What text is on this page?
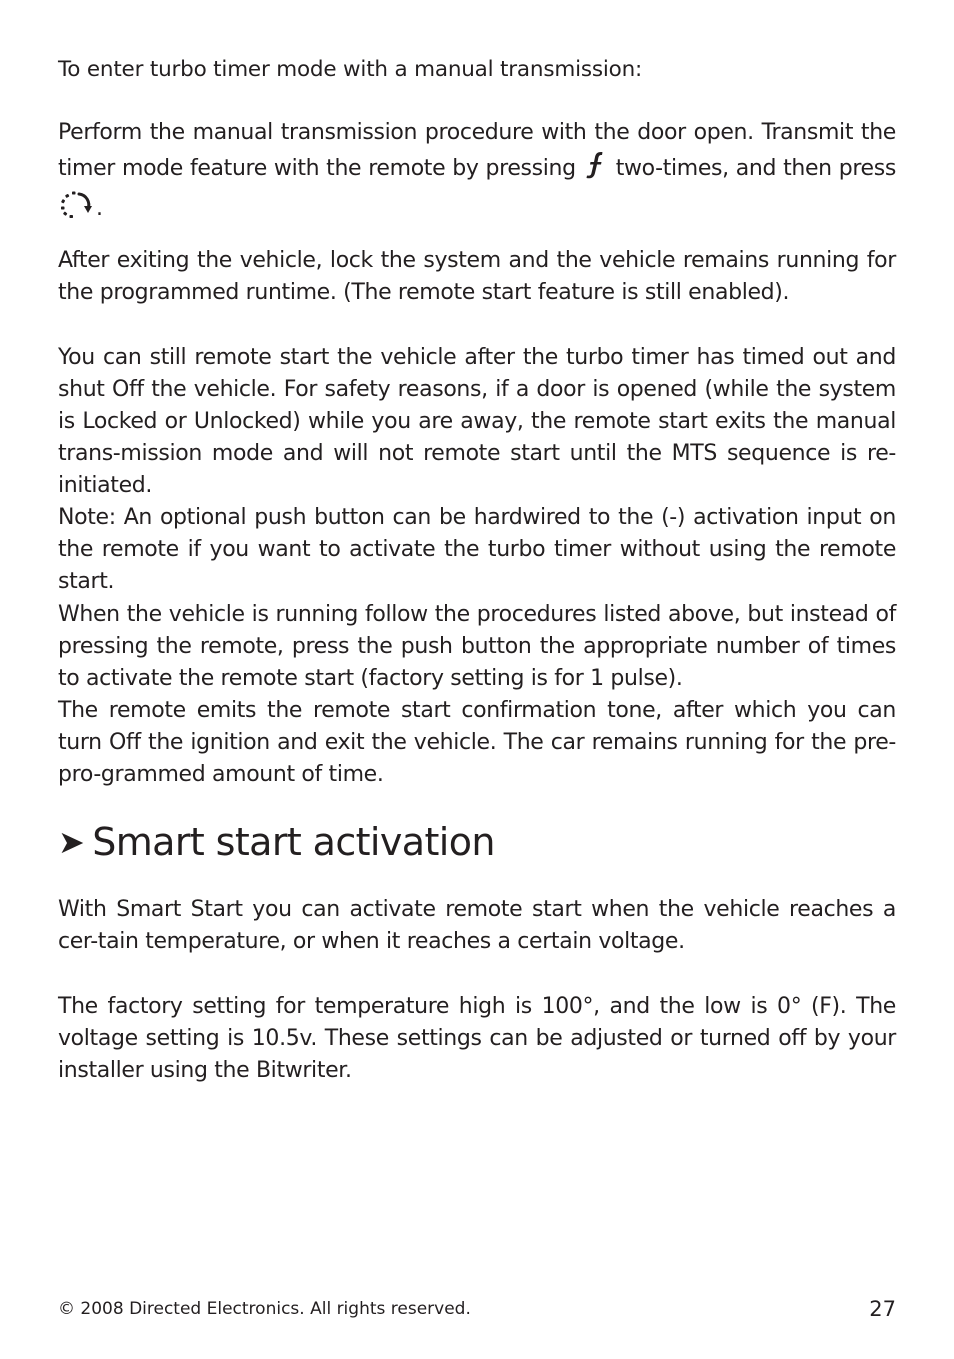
To enter turbo timer mode with a manual transmission:
Perform the manual transmission procedure with the door open. Transmit the
timer mode feature with the remote by pressing two-times, and then press
.

After exiting the vehicle, lock the system and the vehicle remains running for the programmed runtime. (The remote start feature is still enabled).

You can still remote start the vehicle after the turbo timer has timed out and shut Off the vehicle. For safety reasons, if a door is opened (while the system is Locked or Unlocked) while you are away, the remote start exits the manual trans-mission mode and will not remote start until the MTS sequence is re-initiated.

Note: An optional push button can be hardwired to the (-) activation input on the remote if you want to activate the turbo timer without using the remote start.

When the vehicle is running follow the procedures listed above, but instead of pressing the remote, press the push button the appropriate number of times to activate the remote start (factory setting is for 1 pulse).

The remote emits the remote start confirmation tone, after which you can turn Off the ignition and exit the vehicle. The car remains running for the pre-pro-grammed amount of time.

➤ Smart start activation

With Smart Start you can activate remote start when the vehicle reaches a cer-tain temperature, or when it reaches a certain voltage.

The factory setting for temperature high is 100°, and the low is 0° (F). The voltage setting is 10.5v. These settings can be adjusted or turned off by your installer using the Bitwriter.

© 2008 Directed Electronics. All rights reserved.	27
